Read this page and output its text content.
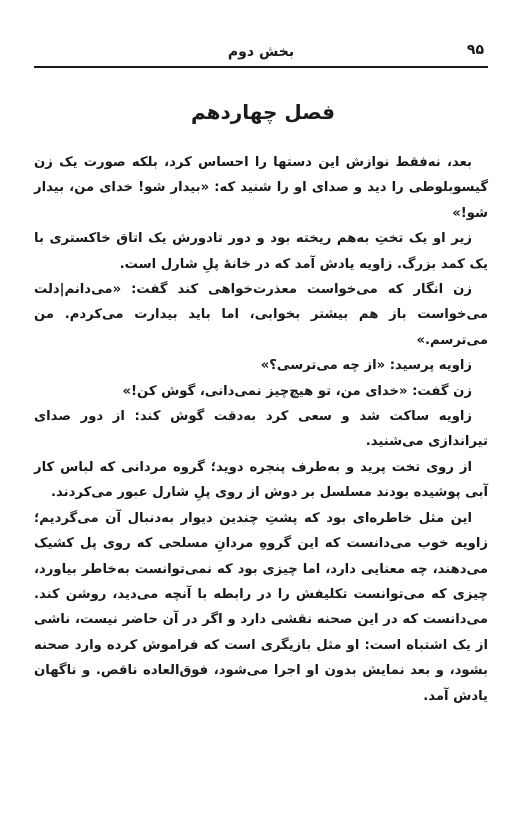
۹۵
بخش دوم
فصل چهاردهم

بعد، نه‌فقط نوازش این دستها را احساس کرد، بلکه صورت یک زن گیسوبلوطی را دید و صدای او را شنید که: «بیدار شو! خدای من، بیدار شو!»

زیر او یک تختِ به‌هم ریخته بود و دور تادورش یک اتاق خاکستری با یک کمد بزرگ. زاویه یادش آمد که در خانهٔ پلِ شارل است.

زن انگار که می‌خواست معذرت‌خواهی کند گفت: «می‌دانم|دلت می‌خواست باز هم بیشتر بخوابی، اما باید بیدارت می‌کردم. من می‌ترسم.»

زاویه پرسید: «از چه می‌ترسی؟»

زن گفت: «خدای من، تو هیچ‌چیز نمی‌دانی، گوش کن!»

زاویه ساکت شد و سعی کرد به‌دقت گوش کند: از دور صدای تیراندازی می‌شنید.

از روی تخت پرید و به‌طرف پنجره دوید؛ گروه مردانی که لباس کار آبی پوشیده بودند مسلسل بر دوش از روی پلِ شارل عبور می‌کردند.

این مثل خاطره‌ای بود که پشتِ چندین دیوار به‌دنبال آن می‌گردیم؛ زاویه خوب می‌دانست که این گروهِ مردانِ مسلحی که روی پل کشیک می‌دهند، چه معنایی دارد، اما چیزی بود که نمی‌توانست به‌خاطر بیاورد، چیزی که می‌توانست تکلیفش را در رابطه با آنچه می‌دید، روشن کند. می‌دانست که در این صحنه نقشی دارد و اگر در آن حاضر نیست، ناشی از یک اشتباه است: او مثل بازیگری است که فراموش کرده وارد صحنه بشود، و بعد نمایش بدون او اجرا می‌شود، فوق‌العاده ناقص. و ناگهان یادش آمد.
